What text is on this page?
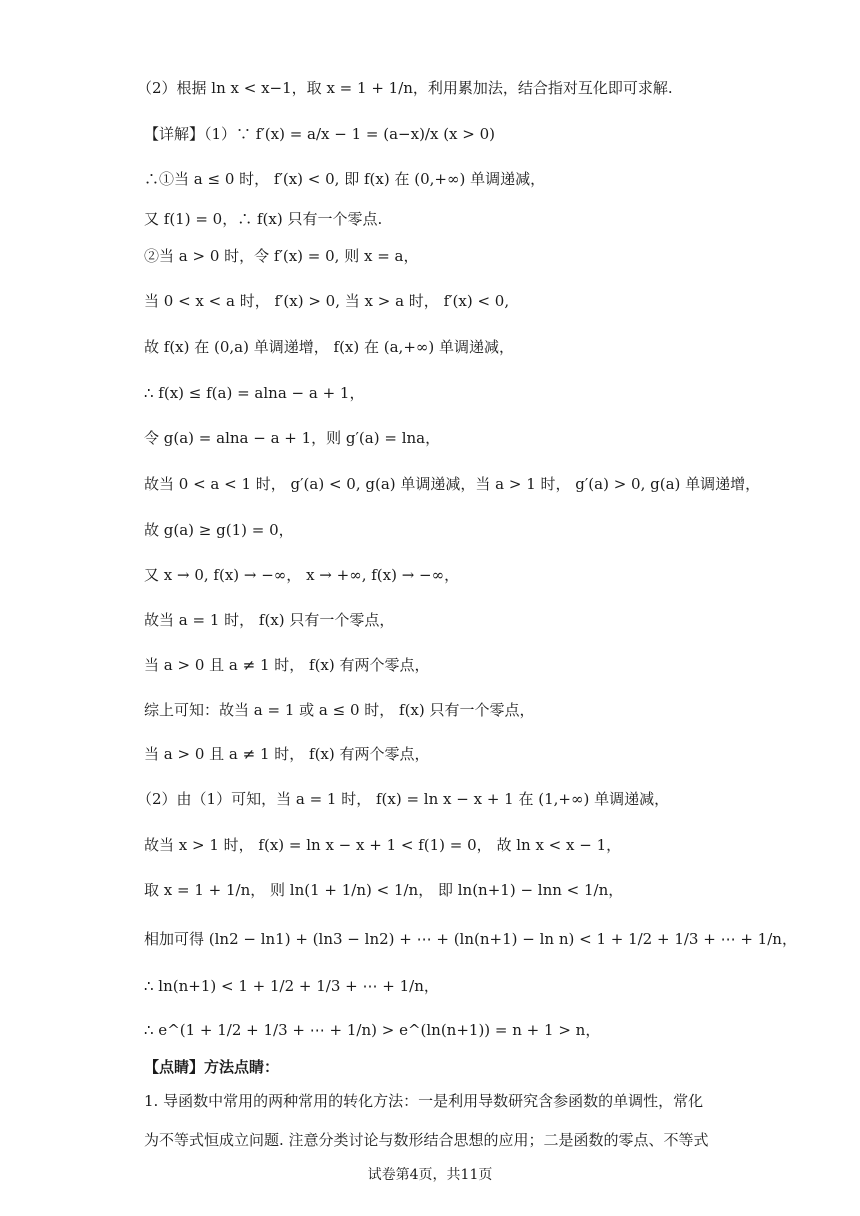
（2）根据 ln x < x−1，取 x = 1 + 1/n，利用累加法，结合指对互化即可求解.
【详解】（1）∵ f′(x) = a/x − 1 = (a−x)/x (x > 0)
∴①当 a ≤ 0 时， f′(x) < 0, 即 f(x) 在 (0,+∞) 单调递减，
又 f(1) = 0，∴ f(x) 只有一个零点.
②当 a > 0 时，令 f′(x) = 0, 则 x = a，
当 0 < x < a 时， f′(x) > 0, 当 x > a 时， f′(x) < 0,
故 f(x) 在 (0,a) 单调递增， f(x) 在 (a,+∞) 单调递减，
∴ f(x) ≤ f(a) = alna − a + 1，
令 g(a) = alna − a + 1，则 g′(a) = lna，
故当 0 < a < 1 时， g′(a) < 0, g(a) 单调递减，当 a > 1 时， g′(a) > 0, g(a) 单调递增，
故 g(a) ≥ g(1) = 0，
又 x → 0, f(x) → −∞， x → +∞, f(x) → −∞，
故当 a = 1 时， f(x) 只有一个零点，
当 a > 0 且 a ≠ 1 时， f(x) 有两个零点，
综上可知：故当 a = 1 或 a ≤ 0 时， f(x) 只有一个零点，
当 a > 0 且 a ≠ 1 时， f(x) 有两个零点，
（2）由（1）可知，当 a = 1 时， f(x) = ln x − x + 1 在 (1,+∞) 单调递减，
故当 x > 1 时， f(x) = ln x − x + 1 < f(1) = 0， 故 ln x < x − 1，
取 x = 1 + 1/n， 则 ln(1 + 1/n) < 1/n， 即 ln(n+1) − lnn < 1/n，
相加可得 (ln2 − ln1) + (ln3 − ln2) + ⋯ + (ln(n+1) − ln n) < 1 + 1/2 + 1/3 + ⋯ + 1/n，
∴ ln(n+1) < 1 + 1/2 + 1/3 + ⋯ + 1/n，
∴ e^(1 + 1/2 + 1/3 + ⋯ + 1/n) > e^(ln(n+1)) = n + 1 > n，
【点睛】方法点睛：
1. 导函数中常用的两种常用的转化方法：一是利用导数研究含参函数的单调性，常化
为不等式恒成立问题. 注意分类讨论与数形结合思想的应用；二是函数的零点、不等式
试卷第4页，共11页
